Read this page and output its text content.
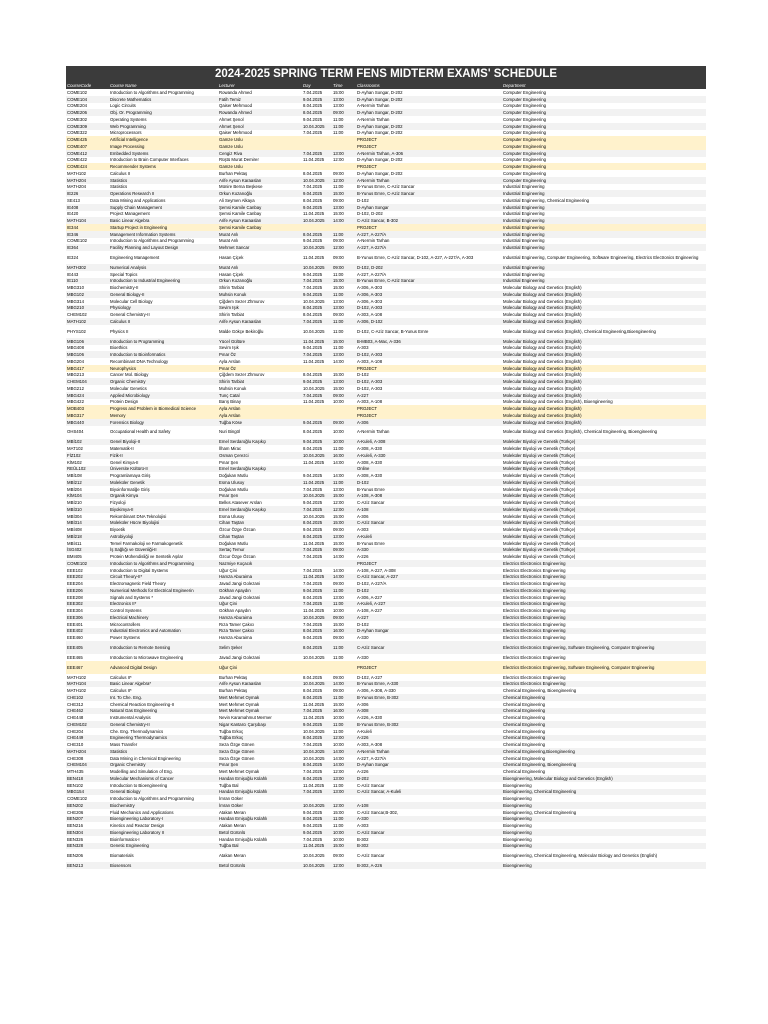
2024-2025 SPRING TERM FENS MIDTERM EXAMS' SCHEDULE
CourseCode	Course Name	Lecturer	Day	Time	Classrooms	Department
COME102	Introduction to Algorithms and Programming	Rowanda Ahmed	7.04.2025	15:00	D-Ayhan Songar, D-202	Computer Engineering
COME104	Discrete Mathematics	Fatih Temiz	9.04.2025	13:00	D-Ayhan Songar, D-202	Computer Engineering
COME204	Logic Circuits	Qaiser Mehmood	8.04.2025	13:00	A-Nermin Tarhan	Computer Engineering
COME206	Obj. Or. Programming	Rowanda Ahmed	8.04.2025	09:00	D-Ayhan Songar, D-202	Computer Engineering
COME302	Operating Systems	Ahmet Şenol	9.04.2025	11:00	A-Nermin Tarhan	Computer Engineering
COME309	Web Programming	Ahmet Şenol	10.04.2025	11:00	D-Ayhan Songar, D-202	Computer Engineering
COME322	Microprocessors	Qaiser Mehmood	7.04.2025	11:00	D-Ayhan Songar, D-202	Computer Engineering
COME425	Artificial Intelligence	Gamze Uslu			PROJECT	Computer Engineering
COME407	Image Processing	Gamze Uslu			PROJECT	Computer Engineering
COME412	Embedded Systems	Cengiz Riva	7.04.2025	13:00	A-Nermin Tarhan, A-306	Computer Engineering
COME422	Introduction to Brain Computer Interfaces	Rüştü Murat Demirer	11.04.2025	12:00	D-Ayhan Songar, D-202	Computer Engineering
COME424	Recommender Systems	Gamze Uslu			PROJECT	Computer Engineering
MATH102	Calculus II	Burhan Pektaş	8.04.2025	09:00	D-Ayhan Songar, D-202	Computer Engineering
MATH204	Statistics	Arife Aysun Karaaslan	10.04.2025	12:00	A-Nermin Tarhan	Computer Engineering
MATH204	Statistics	Münire Berna Beşkese	7.04.2025	11:00	B-Yunus Emre, C-Aziz Sancar	Industrial Engineering
IE226	Operations Research II	Orkun Kozanoğlu	9.04.2025	15:00	B-Yunus Emre, C-Aziz Sancar	Industrial Engineering
SE413	Data Mining and Applications	Ali Seymen Alkaya	8.04.2025	09:00	D-102	Industrial Engineering, Chemical Engineering
IE408	Supply Chain Management	Şemsi Kamile Canbay	9.04.2025	13:00	D-Ayhan Songar	Industrial Engineering
IE420	Project Management	Şemsi Kamile Canbay	11.04.2025	15:00	D-102, D-202	Industrial Engineering
MATH104	Basic Linear Algebra	Arife Aysun Karaaslan	10.04.2025	14:00	C-Aziz Sancar, B-302	Industrial Engineering
IE344	Startup Project in Engineering	Şemsi Kamile Canbay			PROJECT	Industrial Engineering
IE346	Management Information Systems	Murat Anlı	8.04.2025	11:00	A-227, A-227/A	Industrial Engineering
COME102	Introduction to Algorithms and Programming	Murat Anlı	9.04.2025	09:00	A-Nermin Tarhan	Industrial Engineering
IE364	Facility Planning and Layout Design	Mehmet Sancar	10.04.2025	12:00	A-227, A-227/A	Industrial Engineering
IE324	Engineering Management	Hasan Çiçek	11.04.2025	09:00	B-Yunus Emre, C-Aziz Sancar, D-102, A-227, A-227/A, A-303	Industrial Engineering, Computer Engineering, Software Engineering, Electrics Electronics Engineering
MATH302	Numerical Analysis	Murat Anlı	10.04.2025	09:00	D-102, D-202	Industrial Engineering
IE443	Special Topics	Hasan Çiçek	9.04.2025	11:00	A-227, A-227/A	Industrial Engineering
IE110	Introduction to Industrial Engineering	Orkun Kozanoğlu	7.04.2025	15:00	B-Yunus Emre, C-Aziz Sancar	Industrial Engineering
MBG310	Biochemistry-II	Shirin Tarbiat	7.04.2025	15:00	A-306, A-303	Molecular Biology and Genetics (English)
MBG102	General Biology-II	Muhsin Konuk	9.04.2025	11:00	A-306, A-303	Molecular Biology and Genetics (English)
MBG314	Molecular Cell Biology	Çiğdem Sezer Zhmurov	10.04.2025	13:00	A-306, A-303	Molecular Biology and Genetics (English)
MBG210	Physiology	Sevim Işık	8.04.2025	13:00	D-102, A-303	Molecular Biology and Genetics (English)
CHEM102	General Chemistry-II	Shirin Tarbiat	8.04.2025	09:00	A-303, A-108	Molecular Biology and Genetics (English)
MATH102	Calculus II	Arife Aysun Karaaslan	7.04.2025	11:00	A-306, D-102	Molecular Biology and Genetics (English)
PHYS102	Physics II	Malde Gökçe Bekiroğlu	10.04.2025	11:00	D-102, C-Aziz Sancar, B-Yunus Emre	Molecular Biology and Genetics (English), Chemical Engineering,Bioengineering
MBG106	Introduction to Programming	Yücel Gültüre	11.04.2025	15:00	B-MB03, A-Mac, A-336	Molecular Biology and Genetics (English)
MBG408	Bioethics	Sevim Işık	9.04.2025	11:00	A-303	Molecular Biology and Genetics (English)
MBG106	Introduction to Bioinformatics	Pınar Öz	7.04.2025	13:00	D-102, A-303	Molecular Biology and Genetics (English)
MBG204	Recombinant DNA Technology	Ayla Arslan	11.04.2025	14:00	A-303, A-108	Molecular Biology and Genetics (English)
MBG417	Neurophysics	Pınar Öz			PROJECT	Molecular Biology and Genetics (English)
MBG213	Cancer Mol. Biology	Çiğdem Sezer Zhmurov	8.04.2025	15:00	D-102	Molecular Biology and Genetics (English)
CHEM104	Organic Chemistry	Shirin Tarbiat	9.04.2025	13:00	D-102, A-303	Molecular Biology and Genetics (English)
MBG212	Molecular Genetics	Muhsin Konuk	10.04.2025	15:00	D-102, A-303	Molecular Biology and Genetics (English)
MBG424	Applied Microbiology	Tunç Catal	7.04.2025	09:00	A-227	Molecular Biology and Genetics (English)
MBG422	Protein Design	Barış Binay	11.04.2025	10:00	A-303, A-108	Molecular Biology and Genetics (English), Bioengineering
MOB403	Progress and Problem in Biomedical Science	Ayla Arslan			PROJECT	Molecular Biology and Genetics (English)
MBG317	Memory	Ayla Arslan			PROJECT	Molecular Biology and Genetics (English)
MBG440	Forensics Biology	Tuğba Köse	9.04.2025	09:00	A-306	Molecular Biology and Genetics (English)
OHS404	Occupational Health and Safety	Nuri Bingöl	8.04.2025	10:00	A-Nermin Tarhan	Molecular Biology and Genetics (English), Chemical Engineering, Bioengineering
MBİ102	Genel Biyoloji-II	Emel Serdaroğlu Kaşıkçı	9.04.2025	10:00	A-Kuleli, A-308	Moleküler Biyoloji ve Genetik (Türkçe)
MAT102	Matematik-II	İlham Mirac	8.04.2025	11:00	A-308, A-330	Moleküler Biyoloji ve Genetik (Türkçe)
FİZ102	Fizik-II	Osman Çerezci	10.04.2025	16:00	A-Kuleli, A-330	Moleküler Biyoloji ve Genetik (Türkçe)
KİM102	Genel Kimya-II	Pınar Şen	11.04.2025	14:00	A-308, A-330	Moleküler Biyoloji ve Genetik (Türkçe)
REÜL102	Üniversite Kültürü-II	Emel Serdaroğlu Kaşıkçı			Online	Moleküler Biyoloji ve Genetik (Türkçe)
MBİ108	Programlamaya Giriş	Doğukan Mutlu	9.04.2025	14:00	A-308, A-330	Moleküler Biyoloji ve Genetik (Türkçe)
MBİ212	Moleküler Genetik	Esma Ulusoy	11.04.2025	11:00	D-102	Moleküler Biyoloji ve Genetik (Türkçe)
MBİ204	Biyoinformatiğe Giriş	Doğukan Mutlu	7.04.2025	13:00	B-Yunus Emre	Moleküler Biyoloji ve Genetik (Türkçe)
KİM104	Organik Kimya	Pınar Şen	10.04.2025	15:00	A-108, A-308	Moleküler Biyoloji ve Genetik (Türkçe)
MBİ210	Fizyoloji	Belkıs Atasever Arslan	9.04.2025	12:00	C-Aziz Sancar	Moleküler Biyoloji ve Genetik (Türkçe)
MBİ310	Biyokimya-II	Emel Serdaroğlu Kaşıkçı	7.04.2025	12:00	A-108	Moleküler Biyoloji ve Genetik (Türkçe)
MBİ304	Rekombinant DNA Teknolojisi	Esma Ulusoy	10.04.2025	15:00	A-306	Moleküler Biyoloji ve Genetik (Türkçe)
MBİ314	Moleküler Hücre Biyolojisi	Cihan Taştan	8.04.2025	15:00	C-Aziz Sancar	Moleküler Biyoloji ve Genetik (Türkçe)
MBİ408	Biyoetik	Özcur Özge Özcan	9.04.2025	09:00	A-303	Moleküler Biyoloji ve Genetik (Türkçe)
MBİ218	Astrobiyoloji	Cihan Taştan	8.04.2025	13:00	A-Kuleli	Moleküler Biyoloji ve Genetik (Türkçe)
MBİ411	Temel Farmakoloji ve Farmakogenetik	Doğukan Mutlu	11.04.2025	15:00	B-Yunus Emre	Moleküler Biyoloji ve Genetik (Türkçe)
İSG402	İş Sağlığı ve Güvenliği-II	Sertaç Temur	7.04.2025	09:00	A-330	Moleküler Biyoloji ve Genetik (Türkçe)
BMI405	Protein Mühendisliği ve Sentetik Aşılar	Özcur Özge Özcan	7.04.2025	14:00	A-226	Moleküler Biyoloji ve Genetik (Türkçe)
COME102	Introduction to Algorithms and Programming	Nazmiye Koçacık			PROJECT	Electrics Electronics Engineering
EEE102	Introduction to Digital Systems	Uğur Çini	7.04.2025	14:00	A-108, A-227, A-308	Electrics Electronics Engineering
EEE202	Circuit Theory-II*	Hamza Aburaima	11.04.2025	14:00	C-Aziz Sancar, A-227	Electrics Electronics Engineering
EEE204	Electromagnetic Field Theory	Javad Jangi Golezani	7.04.2025	09:00	D-102, A-227/A	Electrics Electronics Engineering
EEE206	Numerical Methods for Electrical Engineerin	Gökhan Apaydın	9.04.2025	11:00	D-102	Electrics Electronics Engineering
EEE208	Signals and Systems *	Javad Jangi Golezani	8.04.2025	13:00	A-306, A-227	Electrics Electronics Engineering
EEE302	Electronics II*	Uğur Çini	7.04.2025	11:00	A-Kuleli, A-227	Electrics Electronics Engineering
EEE304	Control Systems	Gökhan Apaydın	11.04.2025	10:00	A-108, A-227	Electrics Electronics Engineering
EEE306	Electrical Machinery	Hamza Aburaima	10.04.2025	09:00	A-227	Electrics Electronics Engineering
EEE401	Microcontrollers	Rıza Tamer Çakıcı	7.04.2025	15:00	D-102	Electrics Electronics Engineering
EEE402	Industrial Electronics and Automation	Rıza Tamer Çakıcı	8.04.2025	16:00	D-Ayhan Songar	Electrics Electronics Engineering
EEE460	Power Systems	Hamza Aburaima	9.04.2025	09:00	A-330	Electrics Electronics Engineering
EEE405	Introduction to Remote Sensing	Selim Şeker	8.04.2025	11:00	C-Aziz Sancar	Electrics Electronics Engineering, Software Engineering, Computer Engineering
EEE465	Introduction to Microwave Engineering	Javad Jangi Golezani	10.04.2025	11:00	A-330	Electrics Electronics Engineering
EEE467	Advanced Digital Design	Uğur Çini			PROJECT	Electrics Electronics Engineering, Software Engineering, Computer Engineering
MATH102	Calculus II*	Burhan Pektaş	8.04.2025	09:00	D-102, A-227	Electrics Electronics Engineering
MATH104	Basic Linear Algebra*	Arife Aysun Karaaslan	10.04.2025	14:00	B-Yunus Emre, A-330	Electrics Electronics Engineering
MATH102	Calculus II*	Burhan Pektaş	8.04.2025	09:00	A-306, A-308, A-330	Chemical Engineering, Bioengineering
CHE102	Int. To Che. Eng.	Mert Mehmet Oymak	8.04.2025	11:00	B-Yunus Emre, B-302	Chemical Engineering
CHE312	Chemical Reaction Engineering-II	Mert Mehmet Oymak	11.04.2025	15:00	A-306	Chemical Engineering
CHE462	Natural Gas Engineering	Mert Mehmet Oymak	7.04.2025	16:00	A-308	Chemical Engineering
CHE448	Instrumental Analysis	Nevin Karamahmut Mermer	11.04.2025	10:00	A-226, A-330	Chemical Engineering
CHEM102	General Chemistry-II	Nigar Kantarcı Çarşıbaşı	9.04.2025	11:00	B-Yunus Emre, B-302	Chemical Engineering
CHE204	Che. Eng. Thermodynamics	Tuğba Erkoç	10.04.2025	11:00	A-Kuleli	Chemical Engineering
CHE449	Engineering Thermodynamics	Tuğba Erkoç	8.04.2025	12:00	A-226	Chemical Engineering
CHE310	Mass Transfer	Seza Özge Gönen	7.04.2025	10:00	A-303, A-308	Chemical Engineering
MATH204	Statistics	Seza Özge Gönen	10.04.2025	14:00	A-Nermin Tarhan	Chemical Engineering,Bioengineering
CHE308	Data Mining in Chemical Engineering	Seza Özge Gönen	10.04.2025	14:00	A-227, A-227/A	Chemical Engineering
CHEM104	Organic Chemistry	Pınar Şen	8.04.2025	14:00	D-Ayhan Songar	Chemical Engineering, Bioengineering
MTH435	Modelling and Simulation of Eng.	Mert Mehmet Oymak	7.04.2025	12:00	A-226	Chemical Engineering
BEN418	Molecular Mechanisms of Cancer	Handan Emişoğlu Külahlı	8.04.2025	13:00	D-202	Bioengineering, Molecular Biology and Genetics (English)
BEN102	Introduction to Bioengineering	Tuğba Bal	11.04.2025	11:00	C-Aziz Sancar	Bioengineering
MBG154	General Biology	Handan Emişoğlu Külahlı	7.04.2025	13:00	C-Aziz Sancar, A-Kuleli	Bioengineering, Chemical Engineering
COME102	Introduction to Algorithms and Programming	İmran Göker				Bioengineering
BEN202	Biochemistry	İmran Göker	10.04.2025	12:00	A-108	Bioengineering
CHE206	Fluid Mechanics and Applications	Atakan Meran	9.04.2025	15:00	C-Aziz Sancar,B-302,	Bioengineering, Chemical Engineering
BEN207	Bioengineering Laboratory-I	Handan Emişoğlu Külahlı	8.04.2025	11:00	A-330	Bioengineering
BEN216	Kinetics and Reactor Design	Atakan Meran	9.04.2025	11:00	A-303	Bioengineering
BEN304	Bioengineering Laboratory II	Betül Gürünlü	9.04.2025	10:00	C-Aziz Sancar	Bioengineering
BEN326	Bioinformatics-I	Handan Emişoğlu Külahlı	7.04.2025	10:00	B-302	Bioengineering
BEN328	Genetic Engineering	Tuğba Bal	11.04.2025	15:00	B-302	Bioengineering
BEN206	Biomaterials	Atakan Meran	10.04.2025	09:00	C-Aziz Sancar	Bioengineering, Chemical Engineering, Molecular Biology and Genetics (English)
BEN213	Biosensors	Betül Gürünlü	10.04.2025	12:00	B-302, A-226	Bioengineering
